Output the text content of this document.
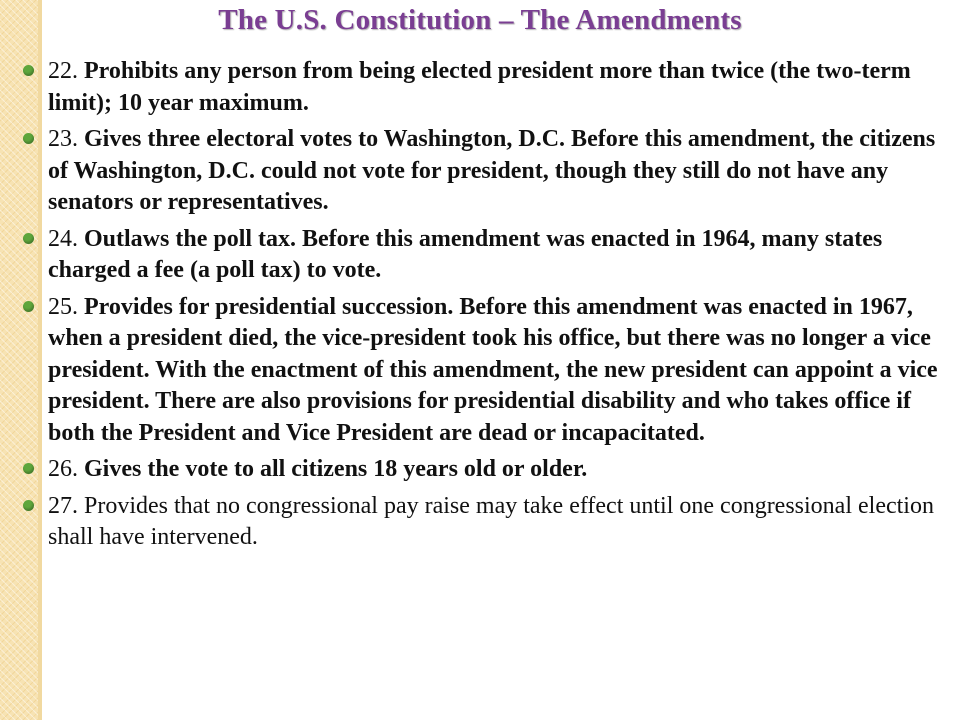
The U.S. Constitution – The Amendments
22. Prohibits any person from being elected president more than twice (the two-term limit); 10 year maximum.
23. Gives three electoral votes to Washington, D.C. Before this amendment, the citizens of Washington, D.C. could not vote for president, though they still do not have any senators or representatives.
24. Outlaws the poll tax. Before this amendment was enacted in 1964, many states charged a fee (a poll tax) to vote.
25. Provides for presidential succession. Before this amendment was enacted in 1967, when a president died, the vice-president took his office, but there was no longer a vice president. With the enactment of this amendment, the new president can appoint a vice president. There are also provisions for presidential disability and who takes office if both the President and Vice President are dead or incapacitated.
26. Gives the vote to all citizens 18 years old or older.
27. Provides that no congressional pay raise may take effect until one congressional election shall have intervened.
